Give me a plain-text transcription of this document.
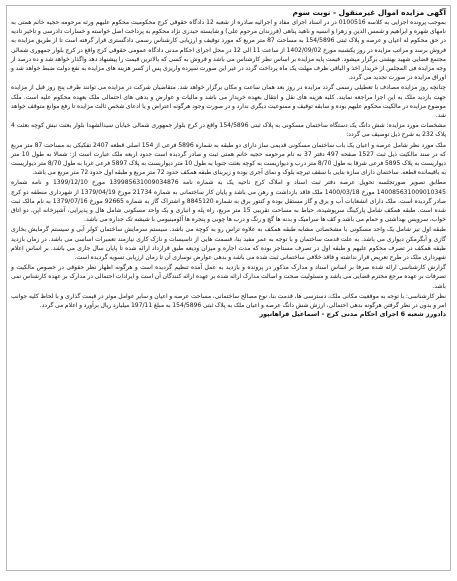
آگهی مزایده اموال غیرمنقول - نوبت سوم
بموجب پرونده اجرایی به کلاسه 0100516 در در اسناد اجرای مفاد و اجرائیه صادره از شعبه 12 دادگاه حقوقی کرج محکومیت محکوم علیهم ورثه مرحومه حجیه خانم همتی به نامهای شهره و ابراهیم و شمس الدین و زهرا و انسیه و ناهید پناهی (فرزندان مرحوم علی) و شایسته حیدری نژاد محکوم به پرداخت اصل خواسته و خسارات دادرسی و تاخیر تادیه در حق محکوم له اعیان و عرصه و پلاک ثبتی 154/5896 به مساحت 87 متر مربع که مورد توقیف و ارزیابی کارشناس رسمی دادگستری قرار گرفته است تا از طریق مزایده به فروش برسد و مراتب مزایده در روز یکشنبه مورخ 1402/09/02 از ساعت 11 الی 12 در محل اجرای احکام مدنی دادگاه عمومی حقوقی کرج واقع در کرج بلوار جمهوری شمالی مجتمع قضایی شهید بهشتی برگزار میشود. قیمت پایه مزایده بر اساس نظر کارشناس می باشد و فروش به کسی که بالاترین قیمت را پیشنهاد دهد واگذار خواهد شد و ده درصد از وجه مزایده فی المجلس از خریدار اخذ و الباقی ظرف مهلت یک ماه پرداخت گردد در غیر این صورت سپرده واریزی پس از کسر هزینه های مزایده به نفع دولت ضبط خواهد شد و اوراق مزایده در صورت تجدید می گردد.
چنانچه روز مزایده مصادف با تعطیلی رسمی گردد مزایده در روز بعد همان ساعت و مکان برگزار خواهد شد. متقاضیان شرکت در مزایده می توانند ظرف پنج روز قبل از مزایده جهت بازدید ملک به این اجرا مراجعه نمایند. کلیه هزینه های نقل و انتقال بعهده خریدار می باشد و مالیات و عوارض و بدهی های احتمالی ملک بعهده محکوم علیه است. ملک موضوع مزایده در مالکیت محکوم علیهم بوده و سابقه توقیف و ممنوعیت دیگری ندارد و در صورت وجود هرگونه اعتراض و یا ادعای شخص ثالث مزایده تا رفع موانع متوقف خواهد شد.
مشخصات مورد مزایده: شش دانگ یک دستگاه ساختمان مسکونی به پلاک ثبتی 154/5896 واقع در کرج بلوار جمهوری شمالی خیابان سیدالشهدا بلوار بعثت نبش کوچه بعثت 4 پلاک 232 به شرح ذیل توصیف می گردد:
ملک مورد نظر شامل عرصه و اعیان یک باب ساختمان مسکونی قدیمی ساز دارای دو طبقه به شماره 5896 فرعی از 154 اصلی قطعه 2407 تفکیکی به مساحت 87 متر مربع که در سند مالکیت ذیل ثبت 1527 صفحه 497 دفتر 37 به نام مرحومه حجیه خانم همتی ثبت و صادر گردیده است حدود اربعه ملک عبارت است از: شمالا به طول 10 متر دیواریست به پلاک 5895 فرعی شرقا به طول 8/70 متر درب و دیواریست به کوچه بعثت جنوبا به طول 10 متر دیواریست به پلاک 5897 فرعی غربا به طول 8/70 متر دیواریست به باقیمانده قطعه. ساختمان دارای سازه بنایی با سقف تیرچه بلوک و نمای آجری بوده و زیربنای طبقه همکف حدود 72 متر مربع و طبقه اول حدود 72 متر مربع می باشد.
مطابق تصویر صورتجلسه تحویل عرصه دفتر ثبت اسناد و املاک کرج ناحیه یک به شماره نامه 139985631009034876 مورخ 1399/12/10 و نامه شماره 140085631009010345 مورخ 1400/03/18 ملک فاقد بازداشت و رهن می باشد و پایان کار ساختمانی به شماره 21734 مورخ 1379/04/19 از شهرداری منطقه دو کرج صادر گردیده است. ملک دارای انشعابات آب و برق و گاز مستقل بوده و کنتور برق به شماره 8845120 و اشتراک گاز به شماره 92665 مورخ 1379/07/16 به نام مالک ثبت شده است. طبقه همکف شامل پارکینگ سرپوشیده، حیاط به مساحت تقریبی 15 متر مربع، راه پله و انباری و یک واحد مسکونی شامل هال و پذیرایی، آشپزخانه اپن، دو اتاق خواب، سرویس بهداشتی و حمام می باشد و کف ها سرامیک و بدنه ها گچ و رنگ و درب ها چوبی و پنجره ها آلومینیومی با شیشه تک جداره می باشد.
طبقه اول نیز شامل یک واحد مسکونی با مشخصاتی مشابه طبقه همکف به علاوه تراس رو به کوچه می باشد. سیستم سرمایش ساختمان کولر آبی و سیستم گرمایش بخاری گازی و آبگرمکن دیواری می باشد. به علت قدمت ساختمان و با توجه به عمر مفید بنا، قسمت هایی از تاسیسات و نازک کاری نیازمند تعمیرات اساسی می باشد. در زمان بازدید طبقه همکف در تصرف محکوم علیهم و طبقه اول در تصرف مستاجر بوده که مدت اجاره و میزان ودیعه طبق قرارداد ارائه شده تا پایان سال جاری می باشد. بر اساس اعلام شهرداری ملک در طرح تعریض قرار نداشته و فاقد خلافی ساختمانی ثبت شده می باشد و بدهی عوارض نوسازی آن تا زمان ارزیابی تسویه گردیده است.
گزارش کارشناسی ارائه شده صرفا بر اساس اسناد و مدارک مذکور در پرونده و بازدید به عمل آمده تنظیم گردیده است و هرگونه اظهار نظر حقوقی در خصوص مالکیت و تصرفات بر عهده مرجع محترم قضایی می باشد و مسئولیت صحت و اصالت مدارک ارائه شده بر عهده ارائه کنندگان آن است و ایرادات احتمالی در مدارک بر عهده کارشناس نمی باشد.
نظر کارشناسی: با توجه به موقعیت مکانی ملک، دسترسی ها، قدمت بنا، نوع مصالح ساختمانی، مساحت عرصه و اعیان و سایر عوامل موثر در قیمت گذاری و با لحاظ کلیه جوانب امر و بدون در نظر گرفتن هرگونه بدهی احتمالی، ارزش شش دانگ عرصه و اعیان ملک به پلاک ثبتی 154/5896 به مبلغ 197/11 میلیارد ریال برآورد و اعلام می گردد.
دادورز شعبه 6 اجرای احکام مدنی کرج - اسماعیل فراهانپور
